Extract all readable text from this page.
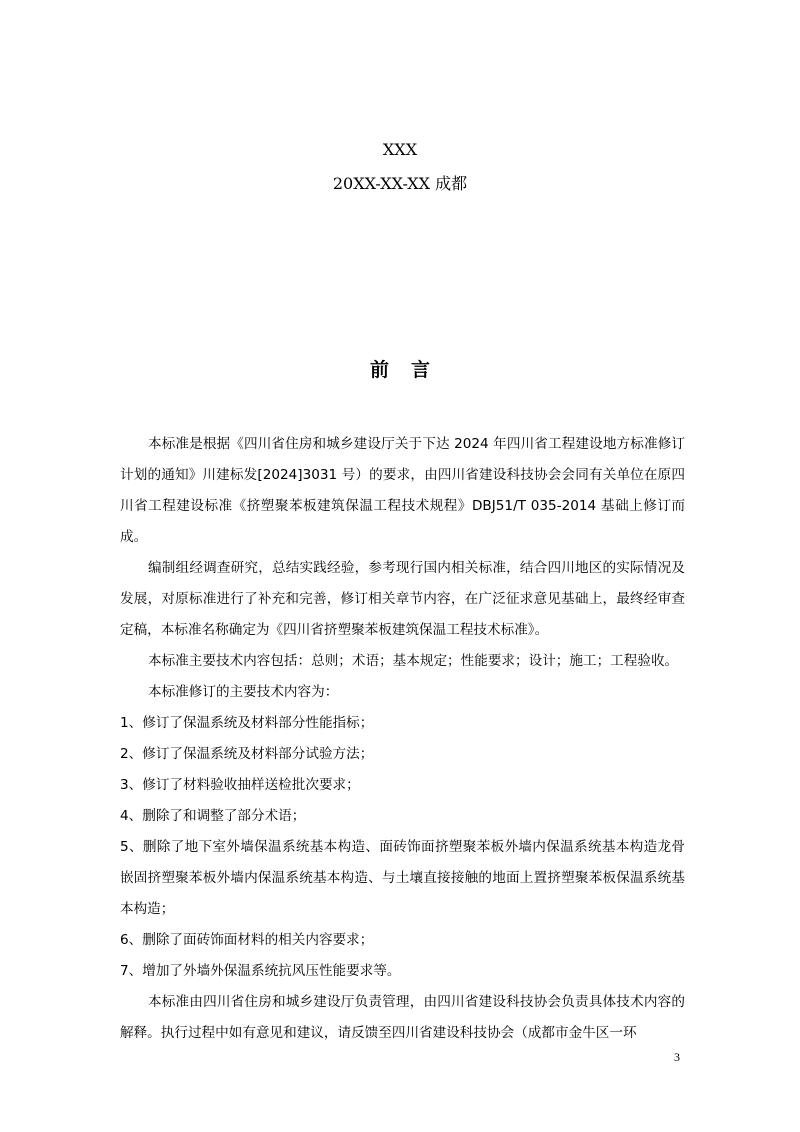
XXX
20XX-XX-XX 成都
前言

本标准是根据《四川省住房和城乡建设厅关于下达 2024 年四川省工程建设地方标准修订计划的通知》川建标发[2024]3031 号）的要求，由四川省建设科技协会会同有关单位在原四川省工程建设标准《挤塑聚苯板建筑保温工程技术规程》DBJ51/T 035-2014 基础上修订而成。

编制组经调查研究，总结实践经验，参考现行国内相关标准，结合四川地区的实际情况及发展，对原标准进行了补充和完善，修订相关章节内容，在广泛征求意见基础上，最终经审查定稿，本标准名称确定为《四川省挤塑聚苯板建筑保温工程技术标准》。

本标准主要技术内容包括：总则；术语；基本规定；性能要求；设计；施工；工程验收。

本标准修订的主要技术内容为：

1、修订了保温系统及材料部分性能指标；

2、修订了保温系统及材料部分试验方法；

3、修订了材料验收抽样送检批次要求；

4、删除了和调整了部分术语；

5、删除了地下室外墙保温系统基本构造、面砖饰面挤塑聚苯板外墙内保温系统基本构造龙骨嵌固挤塑聚苯板外墙内保温系统基本构造、与土壤直接接触的地面上置挤塑聚苯板保温系统基本构造；

6、删除了面砖饰面材料的相关内容要求；

7、增加了外墙外保温系统抗风压性能要求等。

本标准由四川省住房和城乡建设厅负责管理，由四川省建设科技协会负责具体技术内容的解释。执行过程中如有意见和建议，请反馈至四川省建设科技协会（成都市金牛区一环

3
